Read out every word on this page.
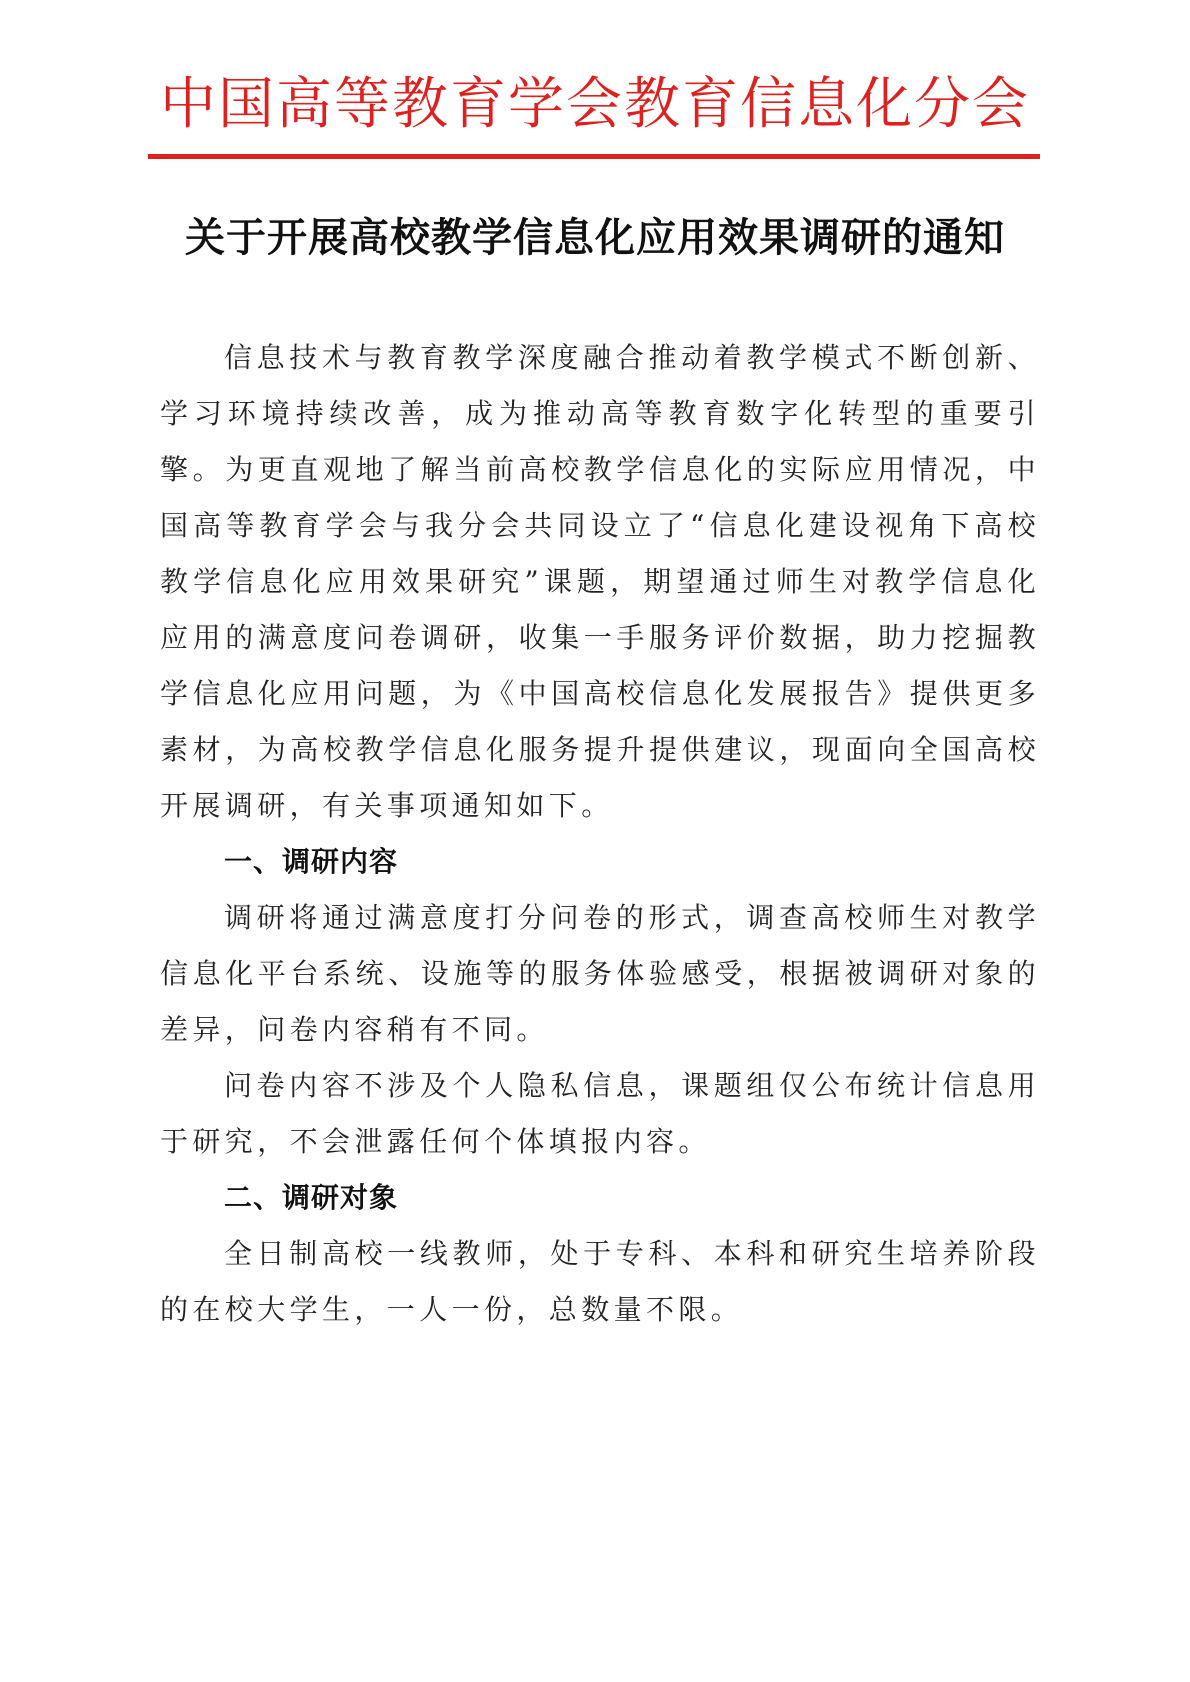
中国高等教育学会教育信息化分会
关于开展高校教学信息化应用效果调研的通知

信息技术与教育教学深度融合推动着教学模式不断创新、学习环境持续改善，成为推动高等教育数字化转型的重要引擎。为更直观地了解当前高校教学信息化的实际应用情况，中国高等教育学会与我分会共同设立了“信息化建设视角下高校教学信息化应用效果研究”课题，期望通过师生对教学信息化应用的满意度问卷调研，收集一手服务评价数据，助力挖掘教学信息化应用问题，为《中国高校信息化发展报告》提供更多素材，为高校教学信息化服务提升提供建议，现面向全国高校开展调研，有关事项通知如下。

一、调研内容

调研将通过满意度打分问卷的形式，调查高校师生对教学信息化平台系统、设施等的服务体验感受，根据被调研对象的差异，问卷内容稍有不同。

问卷内容不涉及个人隐私信息，课题组仅公布统计信息用于研究，不会泄露任何个体填报内容。

二、调研对象

全日制高校一线教师，处于专科、本科和研究生培养阶段的在校大学生，一人一份，总数量不限。
